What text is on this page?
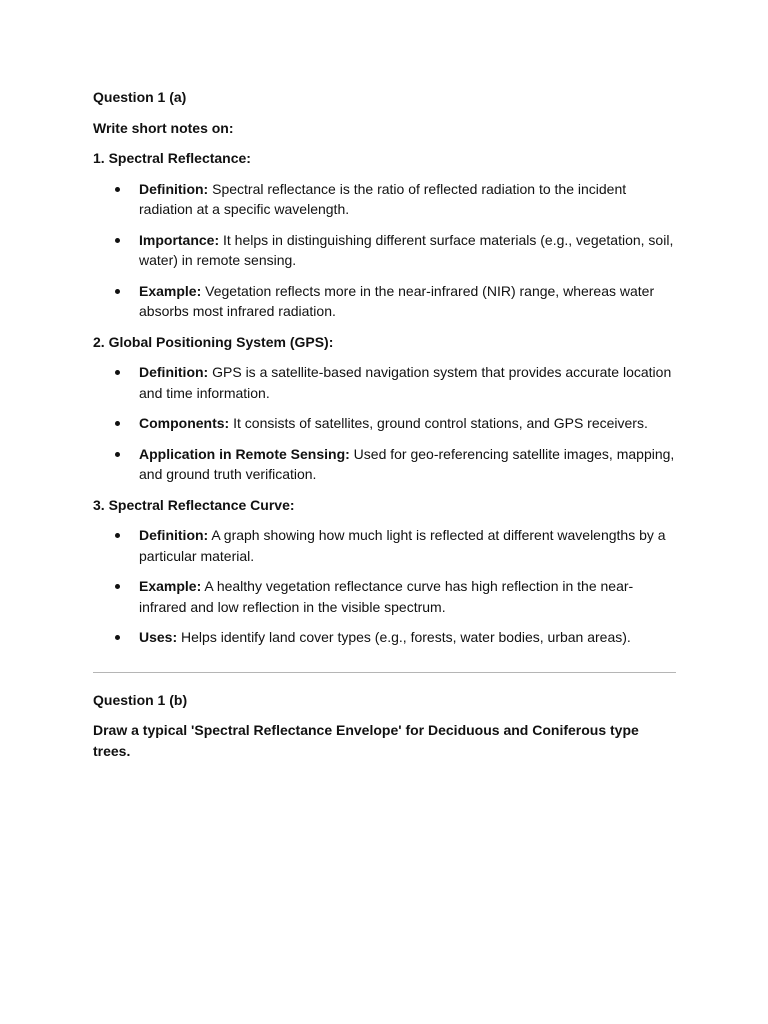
Question 1 (a)

Write short notes on:

1. Spectral Reflectance:

Definition: Spectral reflectance is the ratio of reflected radiation to the incident radiation at a specific wavelength.
Importance: It helps in distinguishing different surface materials (e.g., vegetation, soil, water) in remote sensing.
Example: Vegetation reflects more in the near-infrared (NIR) range, whereas water absorbs most infrared radiation.

2. Global Positioning System (GPS):

Definition: GPS is a satellite-based navigation system that provides accurate location and time information.
Components: It consists of satellites, ground control stations, and GPS receivers.
Application in Remote Sensing: Used for geo-referencing satellite images, mapping, and ground truth verification.

3. Spectral Reflectance Curve:

Definition: A graph showing how much light is reflected at different wavelengths by a particular material.
Example: A healthy vegetation reflectance curve has high reflection in the near-infrared and low reflection in the visible spectrum.
Uses: Helps identify land cover types (e.g., forests, water bodies, urban areas).

Question 1 (b)

Draw a typical 'Spectral Reflectance Envelope' for Deciduous and Coniferous type trees.
